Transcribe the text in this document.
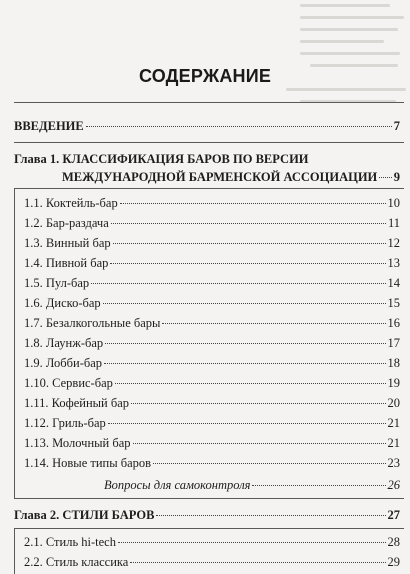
СОДЕРЖАНИЕ
ВВЕДЕНИЕ	7
Глава 1. КЛАССИФИКАЦИЯ БАРОВ ПО ВЕРСИИ
МЕЖДУНАРОДНОЙ БАРМЕНСКОЙ АССОЦИАЦИИ 9
1.1. Коктейль-бар	10
1.2. Бар-раздача	11
1.3. Винный бар	12
1.4. Пивной бар	13
1.5. Пул-бар	14
1.6. Диско-бар	15
1.7. Безалкогольные бары	16
1.8. Лаунж-бар	17
1.9. Лобби-бар	18
1.10. Сервис-бар	19
1.11. Кофейный бар	20
1.12. Гриль-бар	21
1.13. Молочный бар	21
1.14. Новые типы баров	23
Вопросы для самоконтроля	26
Глава 2. СТИЛИ БАРОВ	27
2.1. Стиль hi-tech	28
2.2. Стиль классика	29
